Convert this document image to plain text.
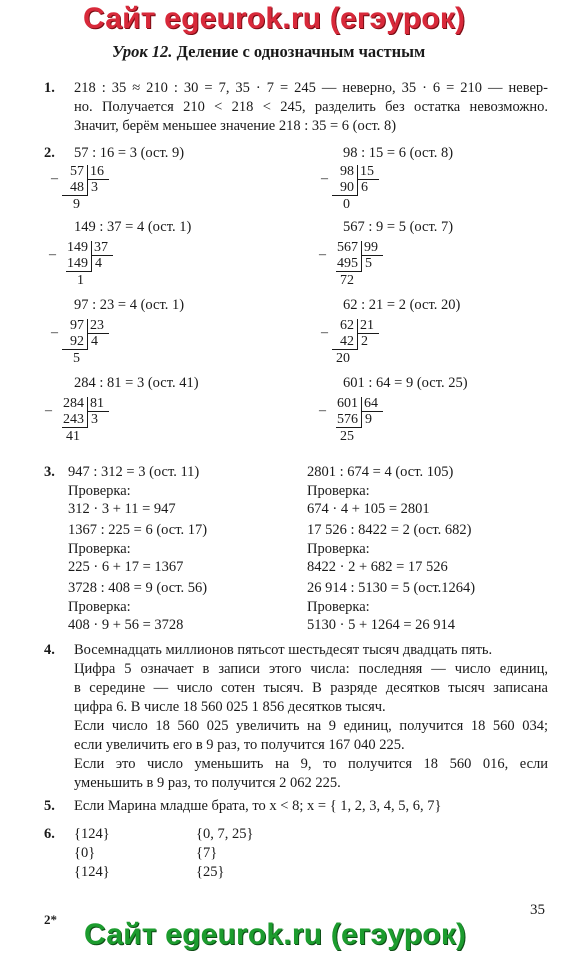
Сайт egeurok.ru (егэурок)
Сайт egeurok.ru (егэурок)
Урок 12. Деление с однозначным частным
1. 218 : 35 ≈ 210 : 30 = 7, 35 · 7 = 245 — неверно, 35 · 6 = 210 — невер-
но. Получается 210 < 218 < 245, разделить без остатка невозможно.
Значит, берём меньшее значение 218 : 35 = 6 (ост. 8)
2. 57 : 16 = 3 (ост. 9)
57 16
–
48 3
9
149 : 37 = 4 (ост. 1)
149 37
–
149 4
1
97 : 23 = 4 (ост. 1)
97 23
–
92 4
5
284 : 81 = 3 (ост. 41)
284 81
–
243 3
41
98 : 15 = 6 (ост. 8)
98 15
–
90 6
0
567 : 9 = 5 (ост. 7)
567 99
–
495 5
72
62 : 21 = 2 (ост. 20)
62 21
–
42 2
20
601 : 64 = 9 (ост. 25)
601 64
–
576 9
25
3. 947 : 312 = 3 (ост. 11)
Проверка:
312 · 3 + 11 = 947
1367 : 225 = 6 (ост. 17)
Проверка:
225 · 6 + 17 = 1367
3728 : 408 = 9 (ост. 56)
Проверка:
408 · 9 + 56 = 3728
2801 : 674 = 4 (ост. 105)
Проверка:
674 · 4 + 105 = 2801
17 526 : 8422 = 2 (ост. 682)
Проверка:
8422 · 2 + 682 = 17 526
26 914 : 5130 = 5 (ост.1264)
Проверка:
5130 · 5 + 1264 = 26 914
4. Восемнадцать миллионов пятьсот шестьдесят тысяч двадцать пять.
Цифра 5 означает в записи этого числа: последняя — число единиц,
в середине — число сотен тысяч. В разряде десятков тысяч записана
цифра 6. В числе 18 560 025 1 856 десятков тысяч.
Если число 18 560 025 увеличить на 9 единиц, получится 18 560 034;
если увеличить его в 9 раз, то получится 167 040 225.
Если это число уменьшить на 9, то получится 18 560 016, если
уменьшить в 9 раз, то получится 2 062 225.
5. Если Марина младше брата, то x < 8; x = { 1, 2, 3, 4, 5, 6, 7}
6. {124}
{0}
{124}
{0, 7, 25}
{7}
{25}
35
2*
